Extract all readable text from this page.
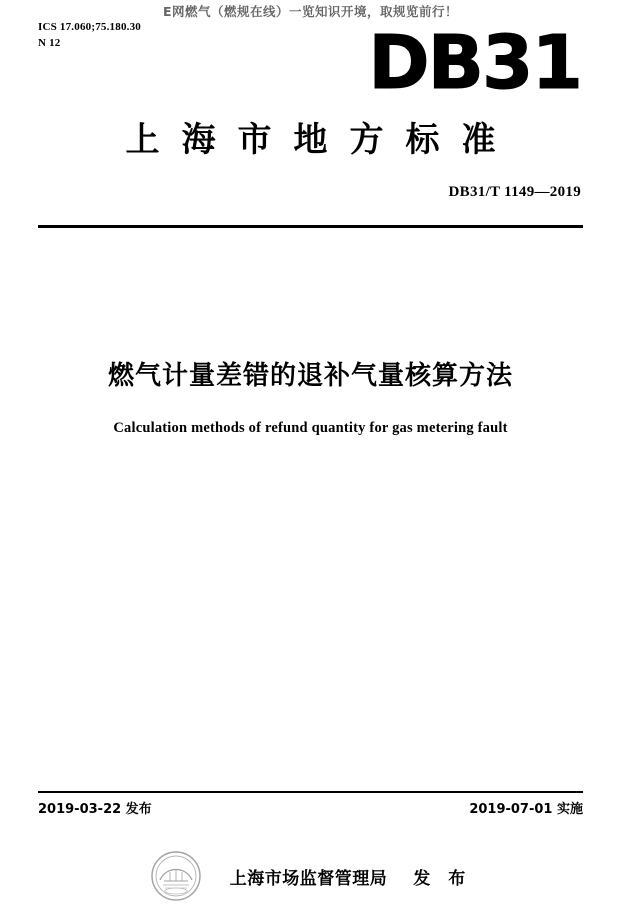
E网燃气（燃规在线）一览知识开境，取规览前行！
ICS 17.060;75.180.30
N 12	DB31
上海市地方标准
DB31/T 1149—2019
燃气计量差错的退补气量核算方法
Calculation methods of refund quantity for gas metering fault
2019-03-22 发布	2019-07-01 实施
上海市场监督管理局 发 布
